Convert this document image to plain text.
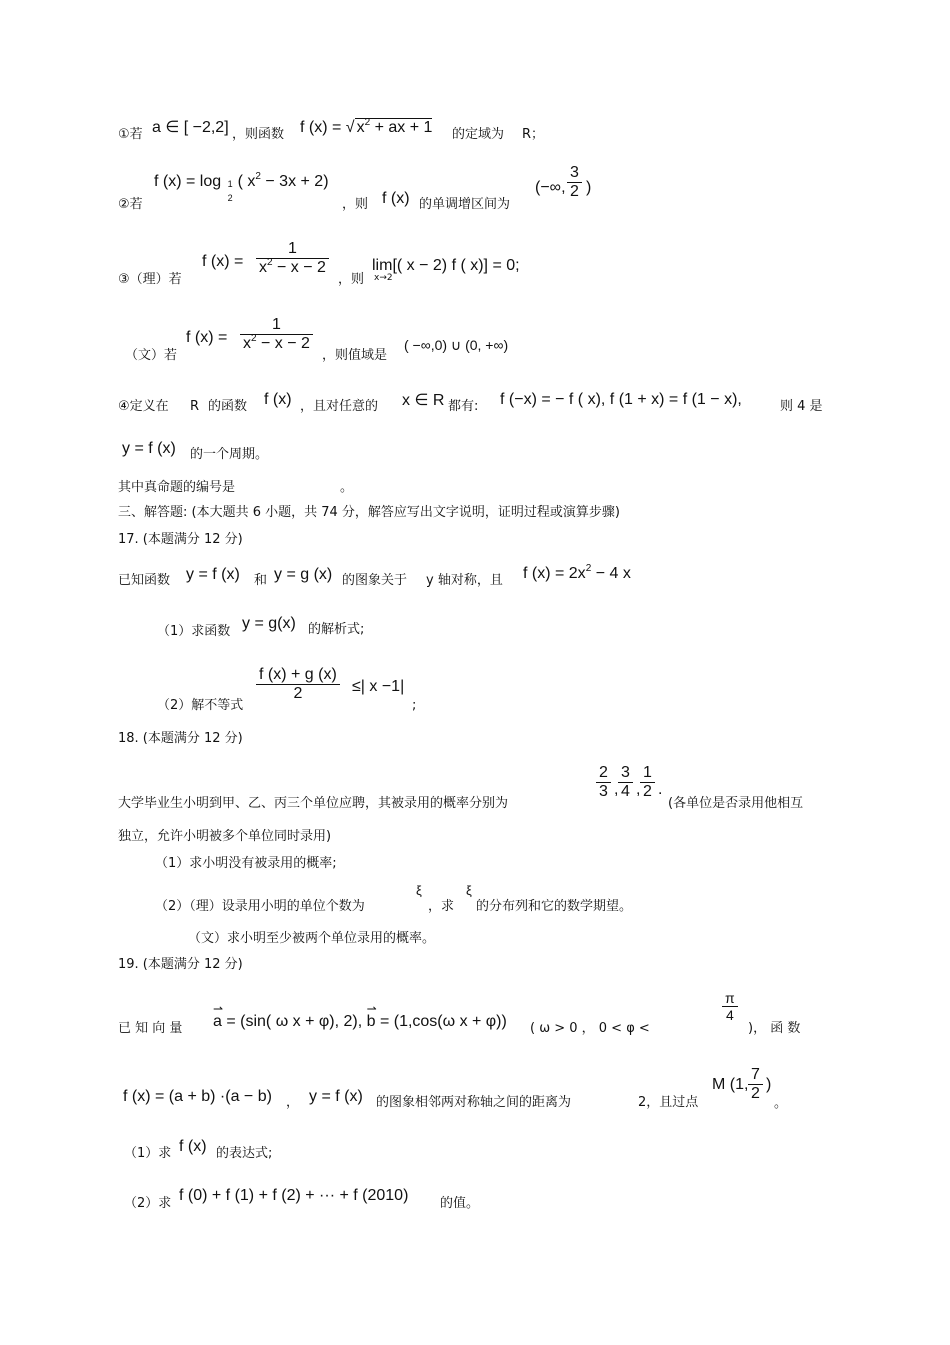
①若 a ∈ [ −2,2] ，则函数 f (x) = √ $x^2$ + ax + 1 的定域为 R；
f (x) = log 1
2
( $x^2 - 3x + 2$)
②若	，则 f (x) 的单调增区间为
(−∞, $\frac{3}{2}$ )
③（理）若
f $(x) = \frac{1}{x^2 - x - 2}$
，则
lim[( x − 2) f ( x)] = 0;
x→2
（文）若
f $(x) = \frac{1}{x^2 - x - 2}$
，则值域是
( −∞,0) ∪ (0, +∞)
④定义在 R 的函数 f (x) ，且对任意的 x ∈ R 都有: f (−x) = − f ( x), f (1 + x) = f (1 − x),	则 4 是
y = f (x) 的一个周期。
其中真命题的编号是	。
三、解答题: (本大题共 6 小题，共 74 分，解答应写出文字说明，证明过程或演算步骤)
17. (本题满分 12 分)
已知函数 y = f (x) 和 y = g (x) 的图象关于 y 轴对称，且 f $(x) = 2x^2 - 4$ x
（1）求函数 y = g(x) 的解析式;
（2）解不等式
$\frac{f (x) + g (x)}{2}$ ≤| x −1|
;
18. (本题满分 12 分)
大学毕业生小明到甲、乙、丙三个单位应聘，其被录用的概率分别为
$\frac{2}{3}$ , $\frac{3}{4}$ , $\frac{1}{2}$ .
(各单位是否录用他相互
独立，允许小明被多个单位同时录用)
（1）求小明没有被录用的概率;
（2）（理）设录用小明的单位个数为
ξ
，求
ξ
的分布列和它的数学期望。
（文）求小明至少被两个单位录用的概率。
19. (本题满分 12 分)
已 知 向 量 ⇀ a = (sin( ω x + φ), 2), ⇀ b = (1,cos(ω x + φ)) ( ω > 0 ， 0 < φ <
$\frac{\pi}{4}$
)， 函 数
f (x) = (a + b) ·(a − b) ， y = f (x) 的图象相邻两对称轴之间的距离为	2，且过点
M (1, $\frac{7}{2}$ )
。
（1）求 f (x) 的表达式;
（2）求 f (0) + f (1) + f (2) + ··· + f (2010) 的值。
